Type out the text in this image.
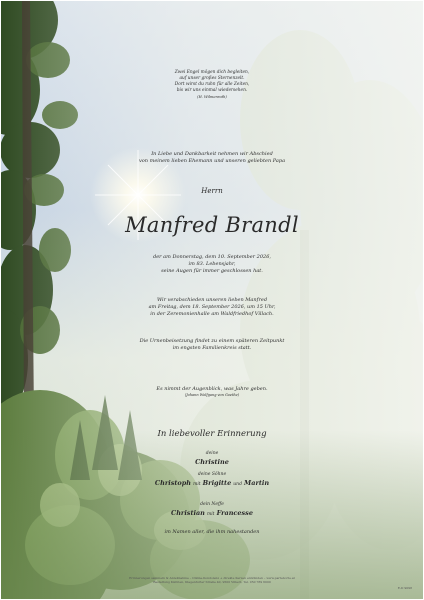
Zwei Engel mögen dich begleiten,
auf unser großes Sternenzelt.
Dort wirst du ruhn für alle Zeiten,
bis wir uns einmal wiedersehen.
(H. Wilmenroth)
In Liebe und Dankbarkeit nehmen wir Abschied
von meinem lieben Ehemann und unseren geliebten Papa
Herrn
Manfred Brandl
der am Donnerstag, dem 10. September 2026,
im 83. Lebensjahr,
seine Augen für immer geschlossen hat.
Wir verabschieden unseren lieben Manfred
am Freitag, dem 18. September 2026, um 15 Uhr,
in der Zeremonienhalle am Waldfriedhof Villach.
Die Urnenbeisetzung findet zu einem späteren Zeitpunkt
im engsten Familienkreis statt.
Es nimmt der Augenblick, was Jahre geben.
(Johann Wolfgang von Goethe)
In liebevoller Erinnerung
deine
Christine
deine Söhne
Christoph mit Brigitte und Martin
dein Neffe
Christian mit Francesse
im Namen aller, die ihm nahestanden
Erinnerungen sammeln & Anteilnahme – Online-Kondolenz + direkte Kerzen entzünden – www.parteborte.at
Bestattung Kärnten, Klagenfurter Straße 40, 9500 Villach, Tel. 050 789 6000
E-D 9098
